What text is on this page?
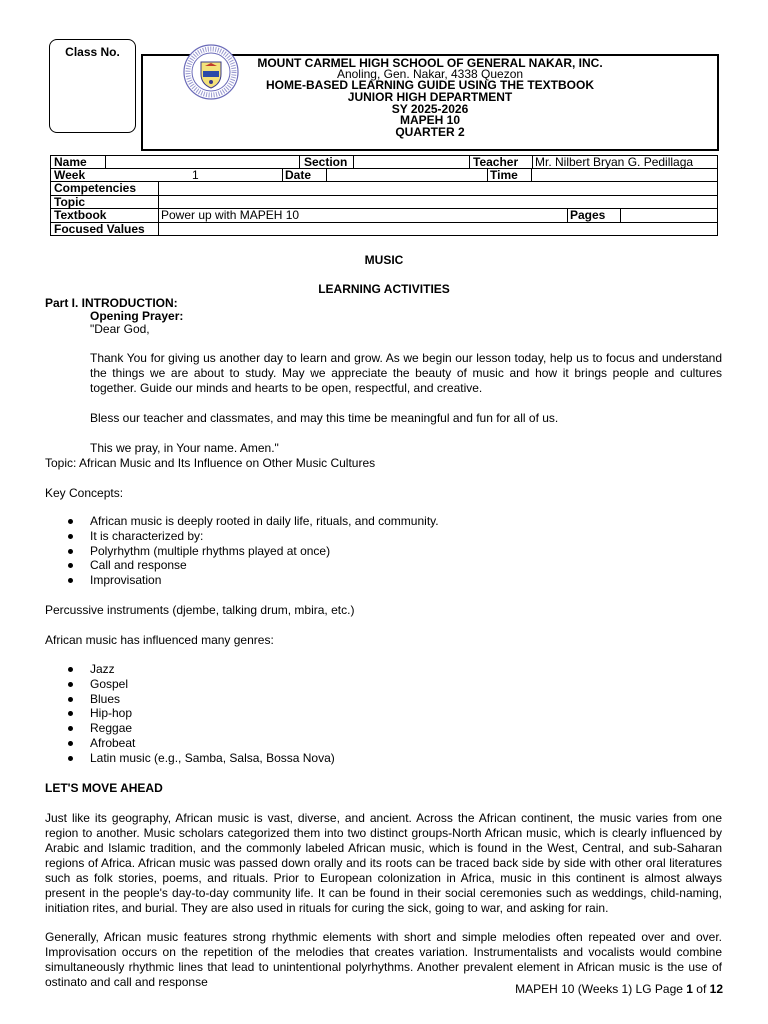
Class No.
MOUNT CARMEL HIGH SCHOOL OF GENERAL NAKAR, INC.
Anoling, Gen. Nakar, 4338 Quezon
HOME-BASED LEARNING GUIDE USING THE TEXTBOOK
JUNIOR HIGH DEPARTMENT
SY 2025-2026
MAPEH 10
QUARTER 2
Name	Section	Teacher Mr. Nilbert Bryan G. Pedillaga
Week	1	Date	Time
Competencies
Topic
Textbook	Power up with MAPEH 10	Pages
Focused Values
MUSIC
LEARNING ACTIVITIES
Part I. INTRODUCTION:
Opening Prayer:
"Dear God,
Thank You for giving us another day to learn and grow. As we begin our lesson today, help us to focus and understand the things we are about to study. May we appreciate the beauty of music and how it brings people and cultures together. Guide our minds and hearts to be open, respectful, and creative.
Bless our teacher and classmates, and may this time be meaningful and fun for all of us.
This we pray, in Your name. Amen."
Topic: African Music and Its Influence on Other Music Cultures
Key Concepts:
African music is deeply rooted in daily life, rituals, and community.
It is characterized by:
Polyrhythm (multiple rhythms played at once)
Call and response
Improvisation
Percussive instruments (djembe, talking drum, mbira, etc.)
African music has influenced many genres:
Jazz
Gospel
Blues
Hip-hop
Reggae
Afrobeat
Latin music (e.g., Samba, Salsa, Bossa Nova)
LET'S MOVE AHEAD
Just like its geography, African music is vast, diverse, and ancient. Across the African continent, the music varies from one region to another. Music scholars categorized them into two distinct groups-North African music, which is clearly influenced by Arabic and Islamic tradition, and the commonly labeled African music, which is found in the West, Central, and sub-Saharan regions of Africa. African music was passed down orally and its roots can be traced back side by side with other oral literatures such as folk stories, poems, and rituals. Prior to European colonization in Africa, music in this continent is almost always present in the people's day-to-day community life. It can be found in their social ceremonies such as weddings, child-naming, initiation rites, and burial. They are also used in rituals for curing the sick, going to war, and asking for rain.
Generally, African music features strong rhythmic elements with short and simple melodies often repeated over and over. Improvisation occurs on the repetition of the melodies that creates variation. Instrumentalists and vocalists would combine simultaneously rhythmic lines that lead to unintentional polyrhythms. Another prevalent element in African music is the use of ostinato and call and response	MAPEH 10 (Weeks 1) LG Page 1 of 12
